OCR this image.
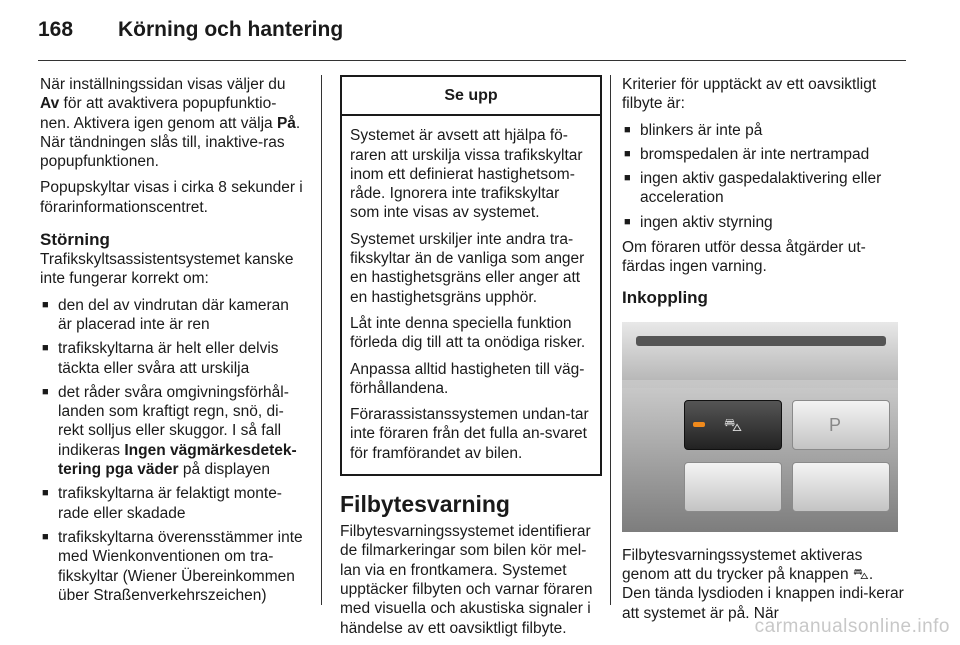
168 Körning och hantering

När inställningssidan visas väljer du Av för att avaktivera popupfunktio-nen. Aktivera igen genom att välja På. När tändningen slås till, inaktive-ras popupfunktionen.

Popupskyltar visas i cirka 8 sekunder i förarinformationscentret.

Störning

Trafikskyltsassistentsystemet kanske inte fungerar korrekt om:

■ den del av vindrutan där kameran är placerad inte är ren
■ trafikskyltarna är helt eller delvis täckta eller svåra att urskilja
■ det råder svåra omgivningsförhål-landen som kraftigt regn, snö, di-rekt solljus eller skuggor. I så fall indikeras Ingen vägmärkesdetek-tering pga väder på displayen
■ trafikskyltarna är felaktigt monte-rade eller skadade
■ trafikskyltarna överensstämmer inte med Wienkonventionen om tra-fikskyltar (Wiener Übereinkommen über Straßenverkehrszeichen)
Se upp

Systemet är avsett att hjälpa fö-raren att urskilja vissa trafikskyltar inom ett definierat hastighetsom-råde. Ignorera inte trafikskyltar som inte visas av systemet.

Systemet urskiljer inte andra tra-fikskyltar än de vanliga som anger en hastighetsgräns eller anger att en hastighetsgräns upphör.

Låt inte denna speciella funktion förleda dig till att ta onödiga risker.

Anpassa alltid hastigheten till väg-förhållandena.

Förarassistanssystemen undan-tar inte föraren från det fulla an-svaret för framförandet av bilen.

Filbytesvarning

Filbytesvarningssystemet identifierar de filmarkeringar som bilen kör mel-lan via en frontkamera. Systemet upptäcker filbyten och varnar föraren med visuella och akustiska signaler i händelse av ett oavsiktligt filbyte.

Kriterier för upptäckt av ett oavsiktligt filbyte är:

■ blinkers är inte på
■ bromspedalen är inte nertrampad
■ ingen aktiv gaspedalaktivering eller acceleration
■ ingen aktiv styrning

Om föraren utför dessa åtgärder ut-färdas ingen varning.

Inkoppling
⛍	P

Filbytesvarningssystemet aktiveras genom att du trycker på knappen ⛍. Den tända lysdioden i knappen indi-kerar att systemet är på. När

carmanualsonline.info
